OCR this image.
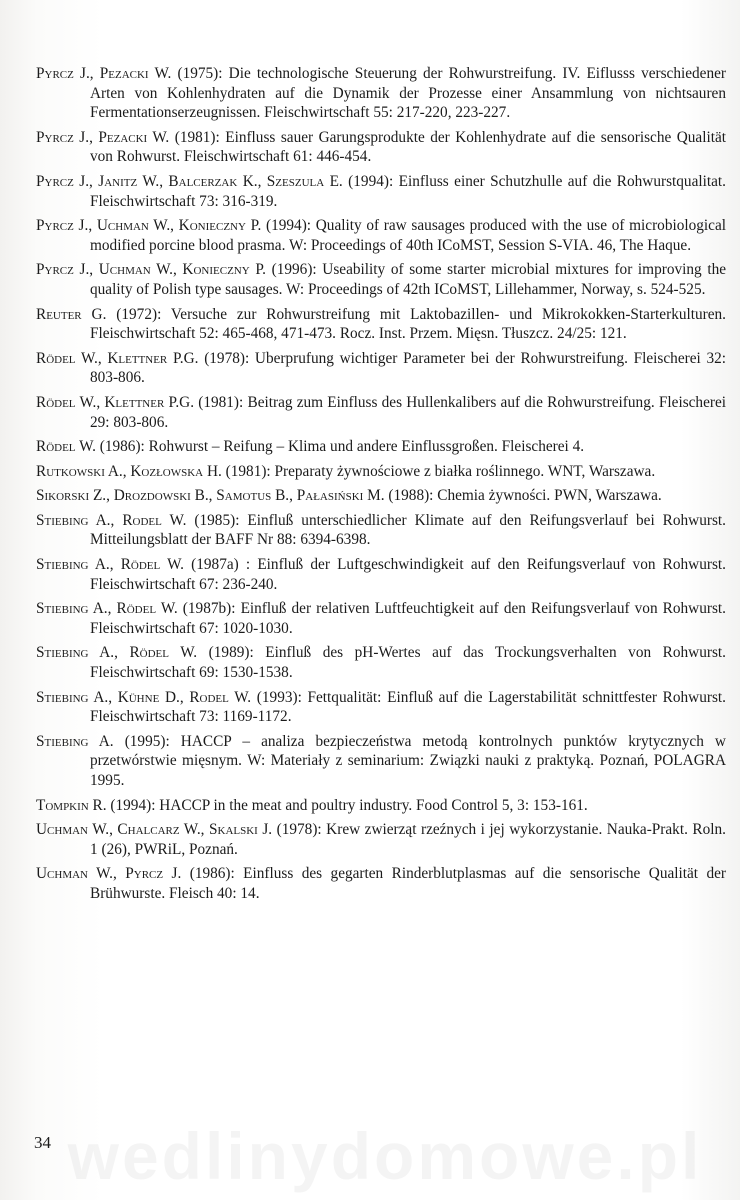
Pyrcz J., Pezacki W. (1975): Die technologische Steuerung der Rohwurstreifung. IV. Eiflusss verschiedener Arten von Kohlenhydraten auf die Dynamik der Prozesse einer Ansammlung von nichtsauren Fermentationserzeugnissen. Fleischwirtschaft 55: 217-220, 223-227.

Pyrcz J., Pezacki W. (1981): Einfluss sauer Garungsprodukte der Kohlenhydrate auf die sensorische Qualität von Rohwurst. Fleischwirtschaft 61: 446-454.

Pyrcz J., Janitz W., Balcerzak K., Szeszula E. (1994): Einfluss einer Schutzhulle auf die Rohwurstqualitat. Fleischwirtschaft 73: 316-319.

Pyrcz J., Uchman W., Konieczny P. (1994): Quality of raw sausages produced with the use of microbiological modified porcine blood prasma. W: Proceedings of 40th ICoMST, Session S-VIA. 46, The Haque.

Pyrcz J., Uchman W., Konieczny P. (1996): Useability of some starter microbial mixtures for improving the quality of Polish type sausages. W: Proceedings of 42th ICoMST, Lillehammer, Norway, s. 524-525.

Reuter G. (1972): Versuche zur Rohwurstreifung mit Laktobazillen- und Mikrokokken-Starterkulturen. Fleischwirtschaft 52: 465-468, 471-473. Rocz. Inst. Przem. Mięsn. Tłuszcz. 24/25: 121.

Rödel W., Klettner P.G. (1978): Uberprufung wichtiger Parameter bei der Rohwurstreifung. Fleischerei 32: 803-806.

Rödel W., Klettner P.G. (1981): Beitrag zum Einfluss des Hullenkalibers auf die Rohwurstreifung. Fleischerei 29: 803-806.

Rödel W. (1986): Rohwurst – Reifung – Klima und andere Einflussgroßen. Fleischerei 4.

Rutkowski A., Kozłowska H. (1981): Preparaty żywnościowe z białka roślinnego. WNT, Warszawa.

Sikorski Z., Drozdowski B., Samotus B., Pałasiński M. (1988): Chemia żywności. PWN, Warszawa.

Stiebing A., Rodel W. (1985): Einfluß unterschiedlicher Klimate auf den Reifungsverlauf bei Rohwurst. Mitteilungsblatt der BAFF Nr 88: 6394-6398.

Stiebing A., Rödel W. (1987a) : Einfluß der Luftgeschwindigkeit auf den Reifungsverlauf von Rohwurst. Fleischwirtschaft 67: 236-240.

Stiebing A., Rödel W. (1987b): Einfluß der relativen Luftfeuchtigkeit auf den Reifungsverlauf von Rohwurst. Fleischwirtschaft 67: 1020-1030.

Stiebing A., Rödel W. (1989): Einfluß des pH-Wertes auf das Trockungsverhalten von Rohwurst. Fleischwirtschaft 69: 1530-1538.

Stiebing A., Kühne D., Rodel W. (1993): Fettqualität: Einfluß auf die Lagerstabilität schnittfester Rohwurst. Fleischwirtschaft 73: 1169-1172.

Stiebing A. (1995): HACCP – analiza bezpieczeństwa metodą kontrolnych punktów krytycznych w przetwórstwie mięsnym. W: Materiały z seminarium: Związki nauki z praktyką. Poznań, POLAGRA 1995.

Tompkin R. (1994): HACCP in the meat and poultry industry. Food Control 5, 3: 153-161.

Uchman W., Chalcarz W., Skalski J. (1978): Krew zwierząt rzeźnych i jej wykorzystanie. Nauka-Prakt. Roln. 1 (26), PWRiL, Poznań.

Uchman W., Pyrcz J. (1986): Einfluss des gegarten Rinderblutplasmas auf die sensorische Qualität der Brühwurste. Fleisch 40: 14.

34
